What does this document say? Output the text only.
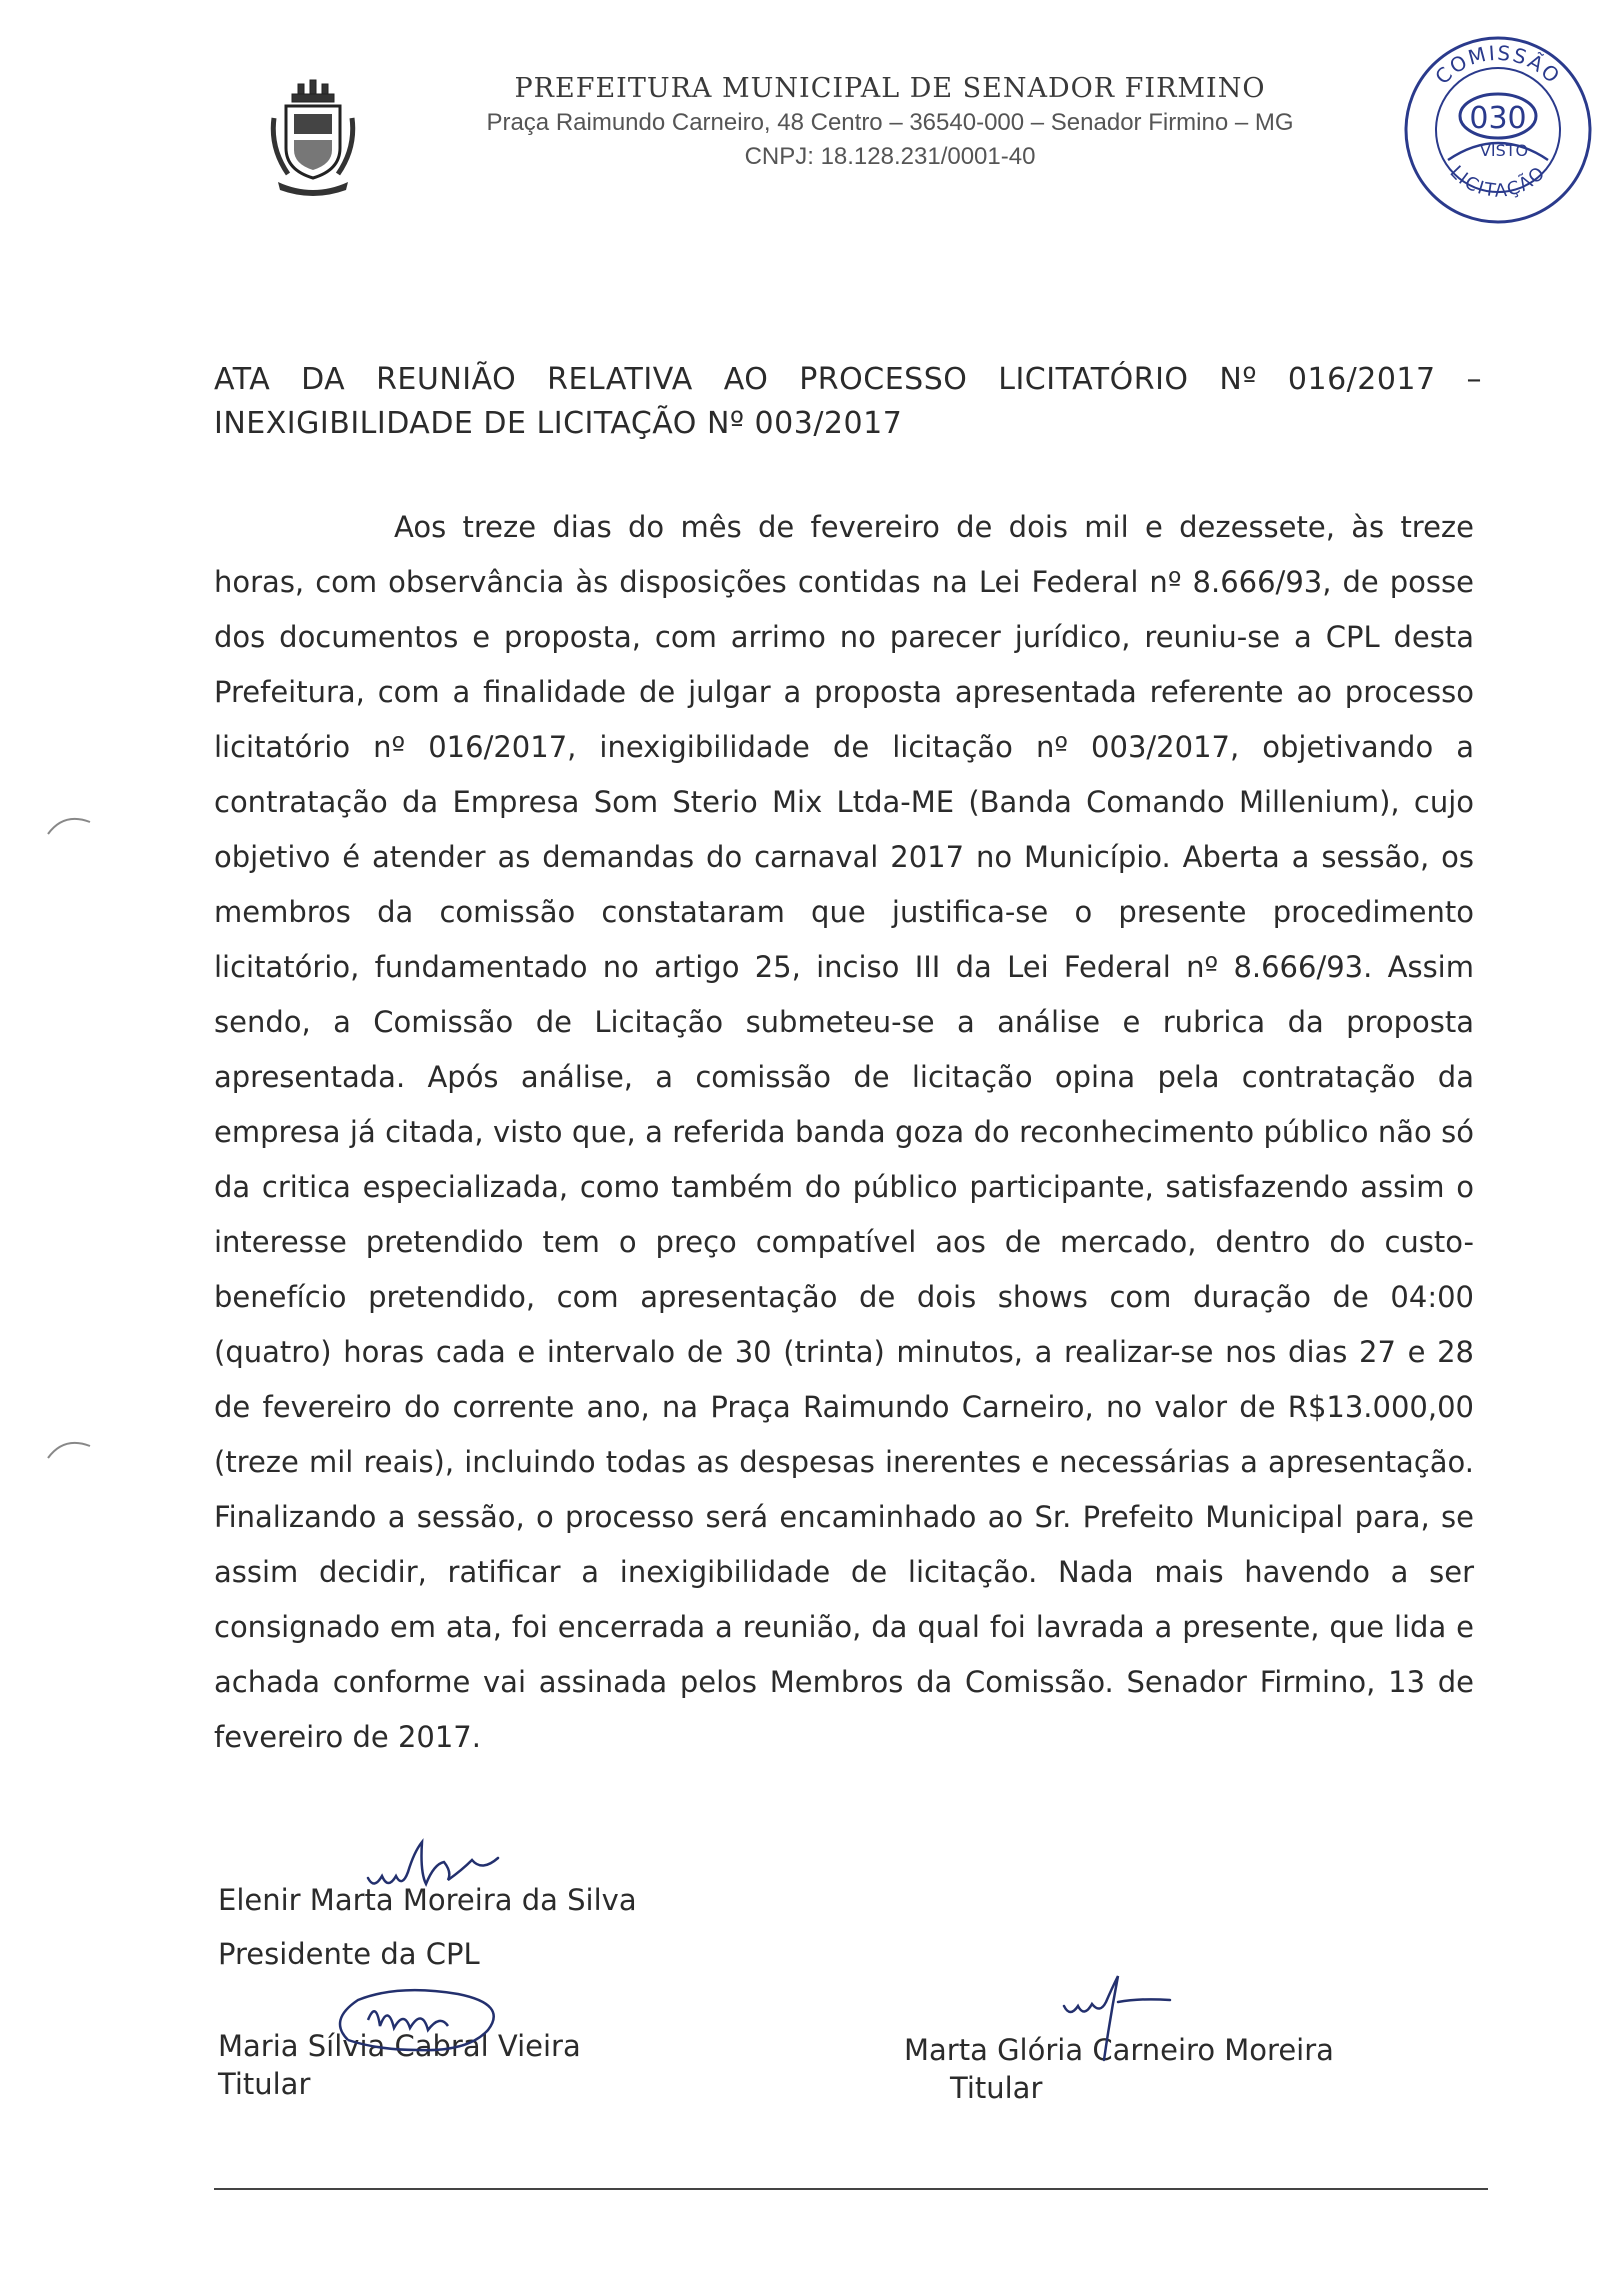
PREFEITURA MUNICIPAL DE SENADOR FIRMINO
Praça Raimundo Carneiro, 48 Centro – 36540-000 – Senador Firmino – MG
CNPJ: 18.128.231/0001-40
COMISSÃO
LICITAÇÃO
030
VISTO
ATA DA REUNIÃO RELATIVA AO PROCESSO LICITATÓRIO Nº 016/2017 –
INEXIGIBILIDADE DE LICITAÇÃO Nº 003/2017
Aos treze dias do mês de fevereiro de dois mil e dezessete, às treze horas, com observância às disposições contidas na Lei Federal nº 8.666/93, de posse dos documentos e proposta, com arrimo no parecer jurídico, reuniu-se a CPL desta Prefeitura, com a finalidade de julgar a proposta apresentada referente ao processo licitatório nº 016/2017, inexigibilidade de licitação nº 003/2017, objetivando a contratação da Empresa Som Sterio Mix Ltda-ME (Banda Comando Millenium), cujo objetivo é atender as demandas do carnaval 2017 no Município. Aberta a sessão, os membros da comissão constataram que justifica-se o presente procedimento licitatório, fundamentado no artigo 25, inciso III da Lei Federal nº 8.666/93. Assim sendo, a Comissão de Licitação submeteu-se a análise e rubrica da proposta apresentada. Após análise, a comissão de licitação opina pela contratação da empresa já citada, visto que, a referida banda goza do reconhecimento público não só da critica especializada, como também do público participante, satisfazendo assim o interesse pretendido tem o preço compatível aos de mercado, dentro do custo-benefício pretendido, com apresentação de dois shows com duração de 04:00 (quatro) horas cada e intervalo de 30 (trinta) minutos, a realizar-se nos dias 27 e 28 de fevereiro do corrente ano, na Praça Raimundo Carneiro, no valor de R$13.000,00 (treze mil reais), incluindo todas as despesas inerentes e necessárias a apresentação. Finalizando a sessão, o processo será encaminhado ao Sr. Prefeito Municipal para, se assim decidir, ratificar a inexigibilidade de licitação. Nada mais havendo a ser consignado em ata, foi encerrada a reunião, da qual foi lavrada a presente, que lida e achada conforme vai assinada pelos Membros da Comissão. Senador Firmino, 13 de fevereiro de 2017.
Elenir Marta Moreira da Silva
Presidente da CPL
Maria Sílvia Cabral Vieira
Titular
Marta Glória Carneiro Moreira
Titular
